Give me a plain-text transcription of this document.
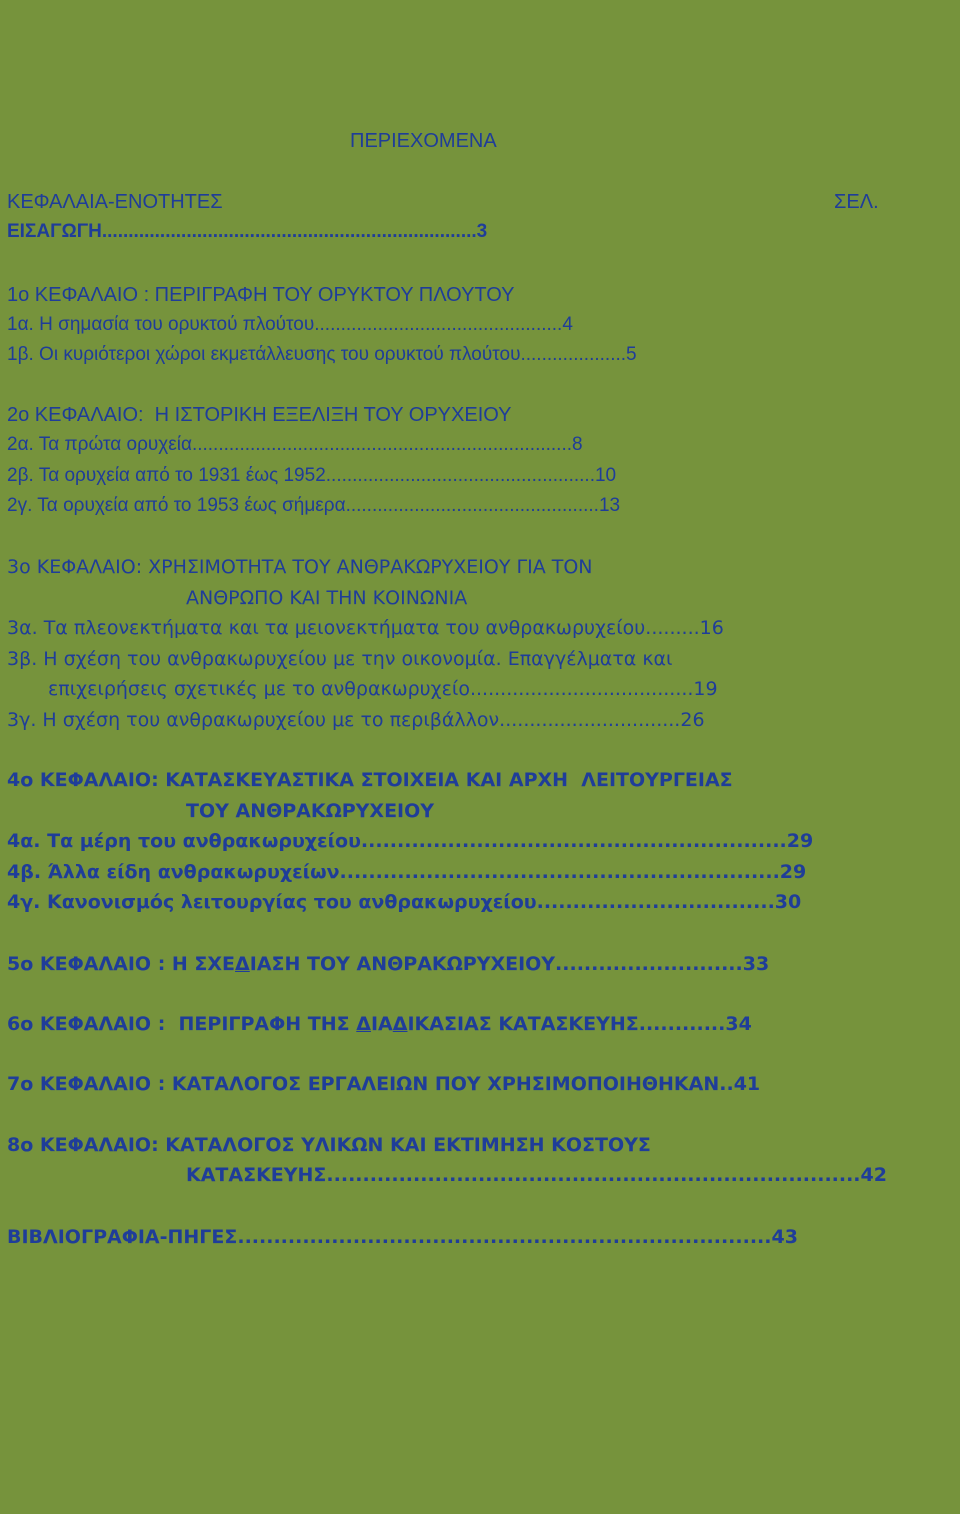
ΠΕΡΙΕΧΟΜΕΝΑ
ΚΕΦΑΛΑΙΑ-ΕΝΟΤΗΤΕΣ	ΣΕΛ.
ΕΙΣΑΓΩΓΗ.......................................................................3
1ο ΚΕΦΑΛΑΙΟ : ΠΕΡΙΓΡΑΦΗ ΤΟΥ ΟΡΥΚΤΟΥ ΠΛΟΥΤΟΥ
1α. Η σημασία του ορυκτού πλούτου...............................................4
1β. Οι κυριότεροι χώροι εκμετάλλευσης του ορυκτού πλούτου....................5
2ο ΚΕΦΑΛΑΙΟ:  Η ΙΣΤΟΡΙΚΗ ΕΞΕΛΙΞΗ ΤΟΥ ΟΡΥΧΕΙΟΥ
2α. Τα πρώτα ορυχεία........................................................................8
2β. Τα ορυχεία από το 1931 έως 1952...................................................10
2γ. Τα ορυχεία από το 1953 έως σήμερα................................................13
3ο ΚΕΦΑΛΑΙΟ: ΧΡΗΣΙΜΟΤΗΤΑ ΤΟΥ ΑΝΘΡΑΚΩΡΥΧΕΙΟΥ ΓΙΑ ΤΟΝ
ΑΝΘΡΩΠΟ ΚΑΙ ΤΗΝ ΚΟΙΝΩΝΙΑ
3α. Τα πλεονεκτήματα και τα μειονεκτήματα του ανθρακωρυχείου.........16
3β. Η σχέση του ανθρακωρυχείου με την οικονομία. Επαγγέλματα και
επιχειρήσεις σχετικές με το ανθρακωρυχείο.....................................19
3γ. Η σχέση του ανθρακωρυχείου με το περιβάλλον..............................26
4ο ΚΕΦΑΛΑΙΟ: ΚΑΤΑΣΚΕΥΑΣΤΙΚΑ ΣΤΟΙΧΕΙΑ ΚΑΙ ΑΡΧΗ  ΛΕΙΤΟΥΡΓΕΙΑΣ
ΤΟΥ ΑΝΘΡΑΚΩΡΥΧΕΙΟΥ
4α. Τα μέρη του ανθρακωρυχείου...........................................................29
4β. Άλλα είδη ανθρακωρυχείων.............................................................29
4γ. Κανονισμός λειτουργίας του ανθρακωρυχείου.................................30
5ο ΚΕΦΑΛΑΙΟ : Η ΣΧΕΔΙΑΣΗ ΤΟΥ ΑΝΘΡΑΚΩΡΥΧΕΙΟΥ..........................33
6ο ΚΕΦΑΛΑΙΟ :  ΠΕΡΙΓΡΑΦΗ ΤΗΣ ΔΙΑΔΙΚΑΣΙΑΣ ΚΑΤΑΣΚΕΥΗΣ............34
7ο ΚΕΦΑΛΑΙΟ : ΚΑΤΑΛΟΓΟΣ ΕΡΓΑΛΕΙΩΝ ΠΟΥ ΧΡΗΣΙΜΟΠΟΙΗΘΗΚΑΝ..41
8ο ΚΕΦΑΛΑΙΟ: ΚΑΤΑΛΟΓΟΣ ΥΛΙΚΩΝ ΚΑΙ ΕΚΤΙΜΗΣΗ ΚΟΣΤΟΥΣ
ΚΑΤΑΣΚΕΥΗΣ..........................................................................42
ΒΙΒΛΙΟΓΡΑΦΙΑ-ΠΗΓΕΣ..........................................................................43
